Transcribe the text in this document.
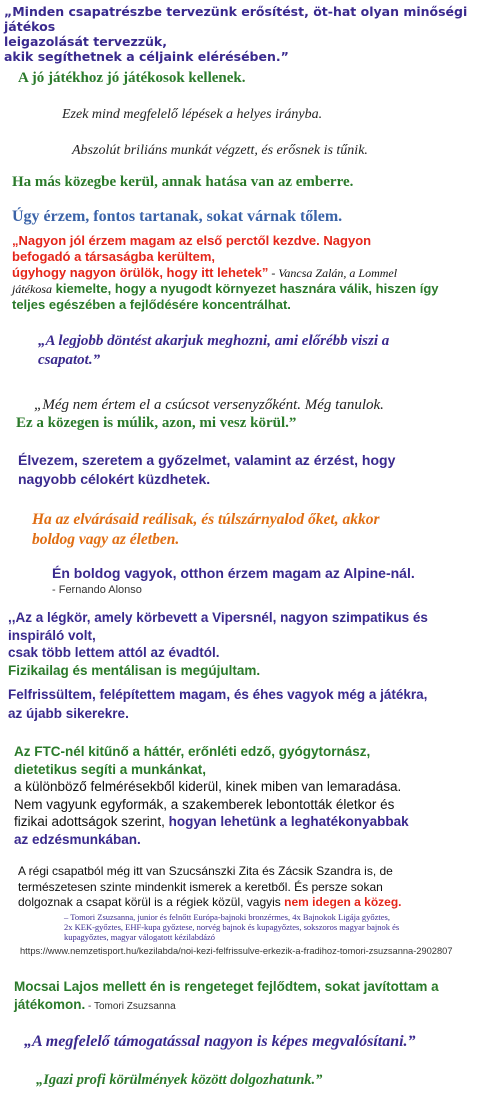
„Minden csapatrészbe tervezünk erősítést, öt-hat olyan minőségi játékos
leigazolását tervezzük,
akik segíthetnek a céljaink elérésében.”
A jó játékhoz jó játékosok kellenek.
Ezek mind megfelelő lépések a helyes irányba.
Abszolút briliáns munkát végzett, és erősnek is tűnik.
Ha más közegbe kerül, annak hatása van az emberre.
Úgy érzem, fontos tartanak, sokat várnak tőlem.
„Nagyon jól érzem magam az első perctől kezdve. Nagyon
befogadó a társaságba kerültem,
úgyhogy nagyon örülök, hogy itt lehetek” - Vancsa Zalán, a Lommel
játékosa kiemelte, hogy a nyugodt környezet hasznára válik, hiszen így
teljes egészében a fejlődésére koncentrálhat.
„A legjobb döntést akarjuk meghozni, ami előrébb viszi a
csapatot.”
„Még nem értem el a csúcsot versenyzőként. Még tanulok.
Ez a közegen is múlik, azon, mi vesz körül.”
Élvezem, szeretem a győzelmet, valamint az érzést, hogy
nagyobb célokért küzdhetek.
Ha az elvárásaid reálisak, és túlszárnyalod őket, akkor
boldog vagy az életben.
Én boldog vagyok, otthon érzem magam az Alpine-nál.
- Fernando Alonso
,,Az a légkör, amely körbevett a Vipersnél, nagyon szimpatikus és
inspiráló volt,
csak több lettem attól az évadtól.
Fizikailag és mentálisan is megújultam.
Felfrissültem, felépítettem magam, és éhes vagyok még a játékra,
az újabb sikerekre.
Az FTC-nél kitűnő a háttér, erőnléti edző, gyógytornász,
dietetikus segíti a munkánkat,
a különböző felmérésekből kiderül, kinek miben van lemaradása.
Nem vagyunk egyformák, a szakemberek lebontották életkor és
fizikai adottságok szerint, hogyan lehetünk a leghatékonyabbak
az edzésmunkában.
A régi csapatból még itt van Szucsánszki Zita és Zácsik Szandra is, de
természetesen szinte mindenkit ismerek a keretből. És persze sokan
dolgoznak a csapat körül is a régiek közül, vagyis nem idegen a közeg.
– Tomori Zsuzsanna, junior és felnőtt Európa-bajnoki bronzérmes, 4x Bajnokok Ligája győztes,
2x KEK-győztes, EHF-kupa győztese, norvég bajnok és kupagyőztes, sokszoros magyar bajnok és
kupagyőztes, magyar válogatott kézilabdázó
https://www.nemzetisport.hu/kezilabda/noi-kezi-felfrissulve-erkezik-a-fradihoz-tomori-zsuzsanna-2902807
Mocsai Lajos mellett én is rengeteget fejlődtem, sokat javítottam a
játékomon. - Tomori Zsuzsanna
„A megfelelő támogatással nagyon is képes megvalósítani.”
„Igazi profi körülmények között dolgozhatunk.”
